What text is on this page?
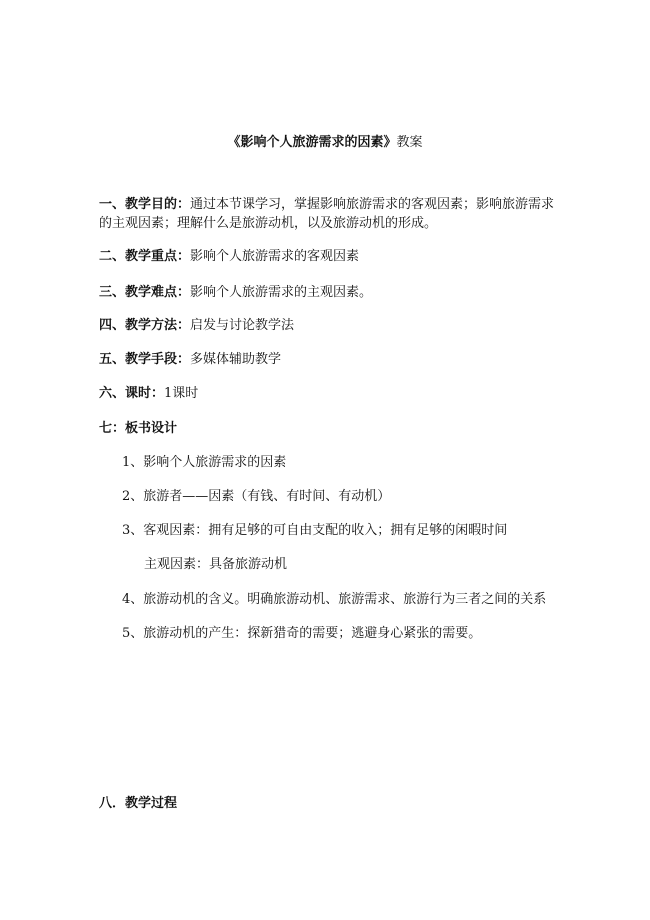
《影响个人旅游需求的因素》教案
一、教学目的：通过本节课学习，掌握影响旅游需求的客观因素；影响旅游需求的主观因素；理解什么是旅游动机，以及旅游动机的形成。
二、教学重点：影响个人旅游需求的客观因素
三、教学难点：影响个人旅游需求的主观因素。
四、教学方法：启发与讨论教学法
五、教学手段：多媒体辅助教学
六、课时：1课时
七：板书设计
1、影响个人旅游需求的因素
2、旅游者——因素（有钱、有时间、有动机）
3、客观因素：拥有足够的可自由支配的收入；拥有足够的闲暇时间
主观因素：具备旅游动机
4、旅游动机的含义。明确旅游动机、旅游需求、旅游行为三者之间的关系
5、旅游动机的产生：探新猎奇的需要；逃避身心紧张的需要。
八．教学过程
